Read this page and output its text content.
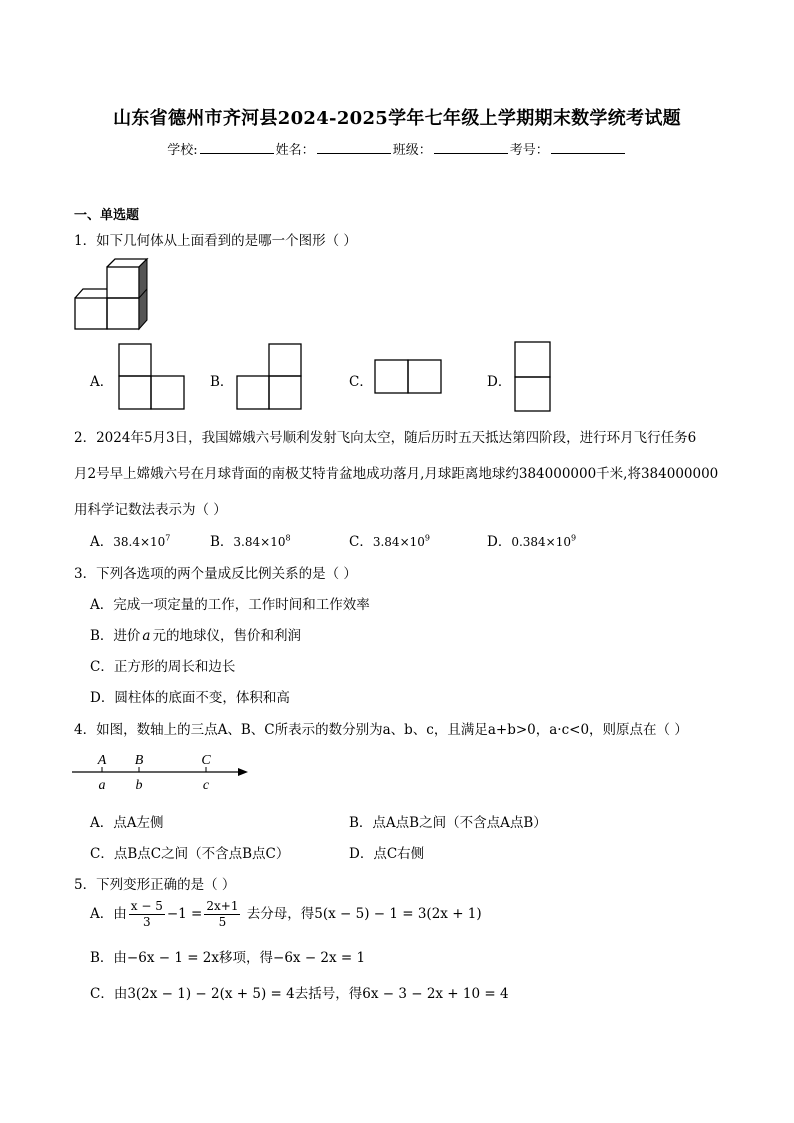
山东省德州市齐河县2024-2025学年七年级上学期期末数学统考试题
学校:	姓名：	班级：	考号：
一、单选题
1．如下几何体从上面看到的是哪一个图形（ ）
A．	B．	C．	D．
2．2024年5月3日，我国嫦娥六号顺利发射飞向太空，随后历时五天抵达第四阶段，进行环月飞行任务6
月2号早上嫦娥六号在月球背面的南极艾特肯盆地成功落月,月球距离地球约384000000千米,将384000000
用科学记数法表示为（ ）
A．$38.4\times 10^7$	B．$3.84\times 10^8$	C．$3.84\times 10^9$	D．$0.384\times 10^9$
3．下列各选项的两个量成反比例关系的是（ ）
A．完成一项定量的工作，工作时间和工作效率
B．进价 a 元的地球仪，售价和利润
C．正方形的周长和边长
D．圆柱体的底面不变，体积和高
4．如图，数轴上的三点A、B、C所表示的数分别为a、b、c，且满足a+b>0，a·c<0，则原点在（ ）
A B	C
a b	c
A．点A左侧	B．点A点B之间（不含点A点B）
C．点B点C之间（不含点B点C）	D．点C右侧
5．下列变形正确的是（ ）
A．由 $\frac{x - 5}{3} -1 = \frac{2x+1}{5}$ 去分母，得5(x − 5) − 1 = 3(2x + 1)
B．由−6x − 1 = 2x移项，得−6x − 2x = 1
C．由3(2x − 1) − 2(x + 5) = 4去括号，得6x − 3 − 2x + 10 = 4
